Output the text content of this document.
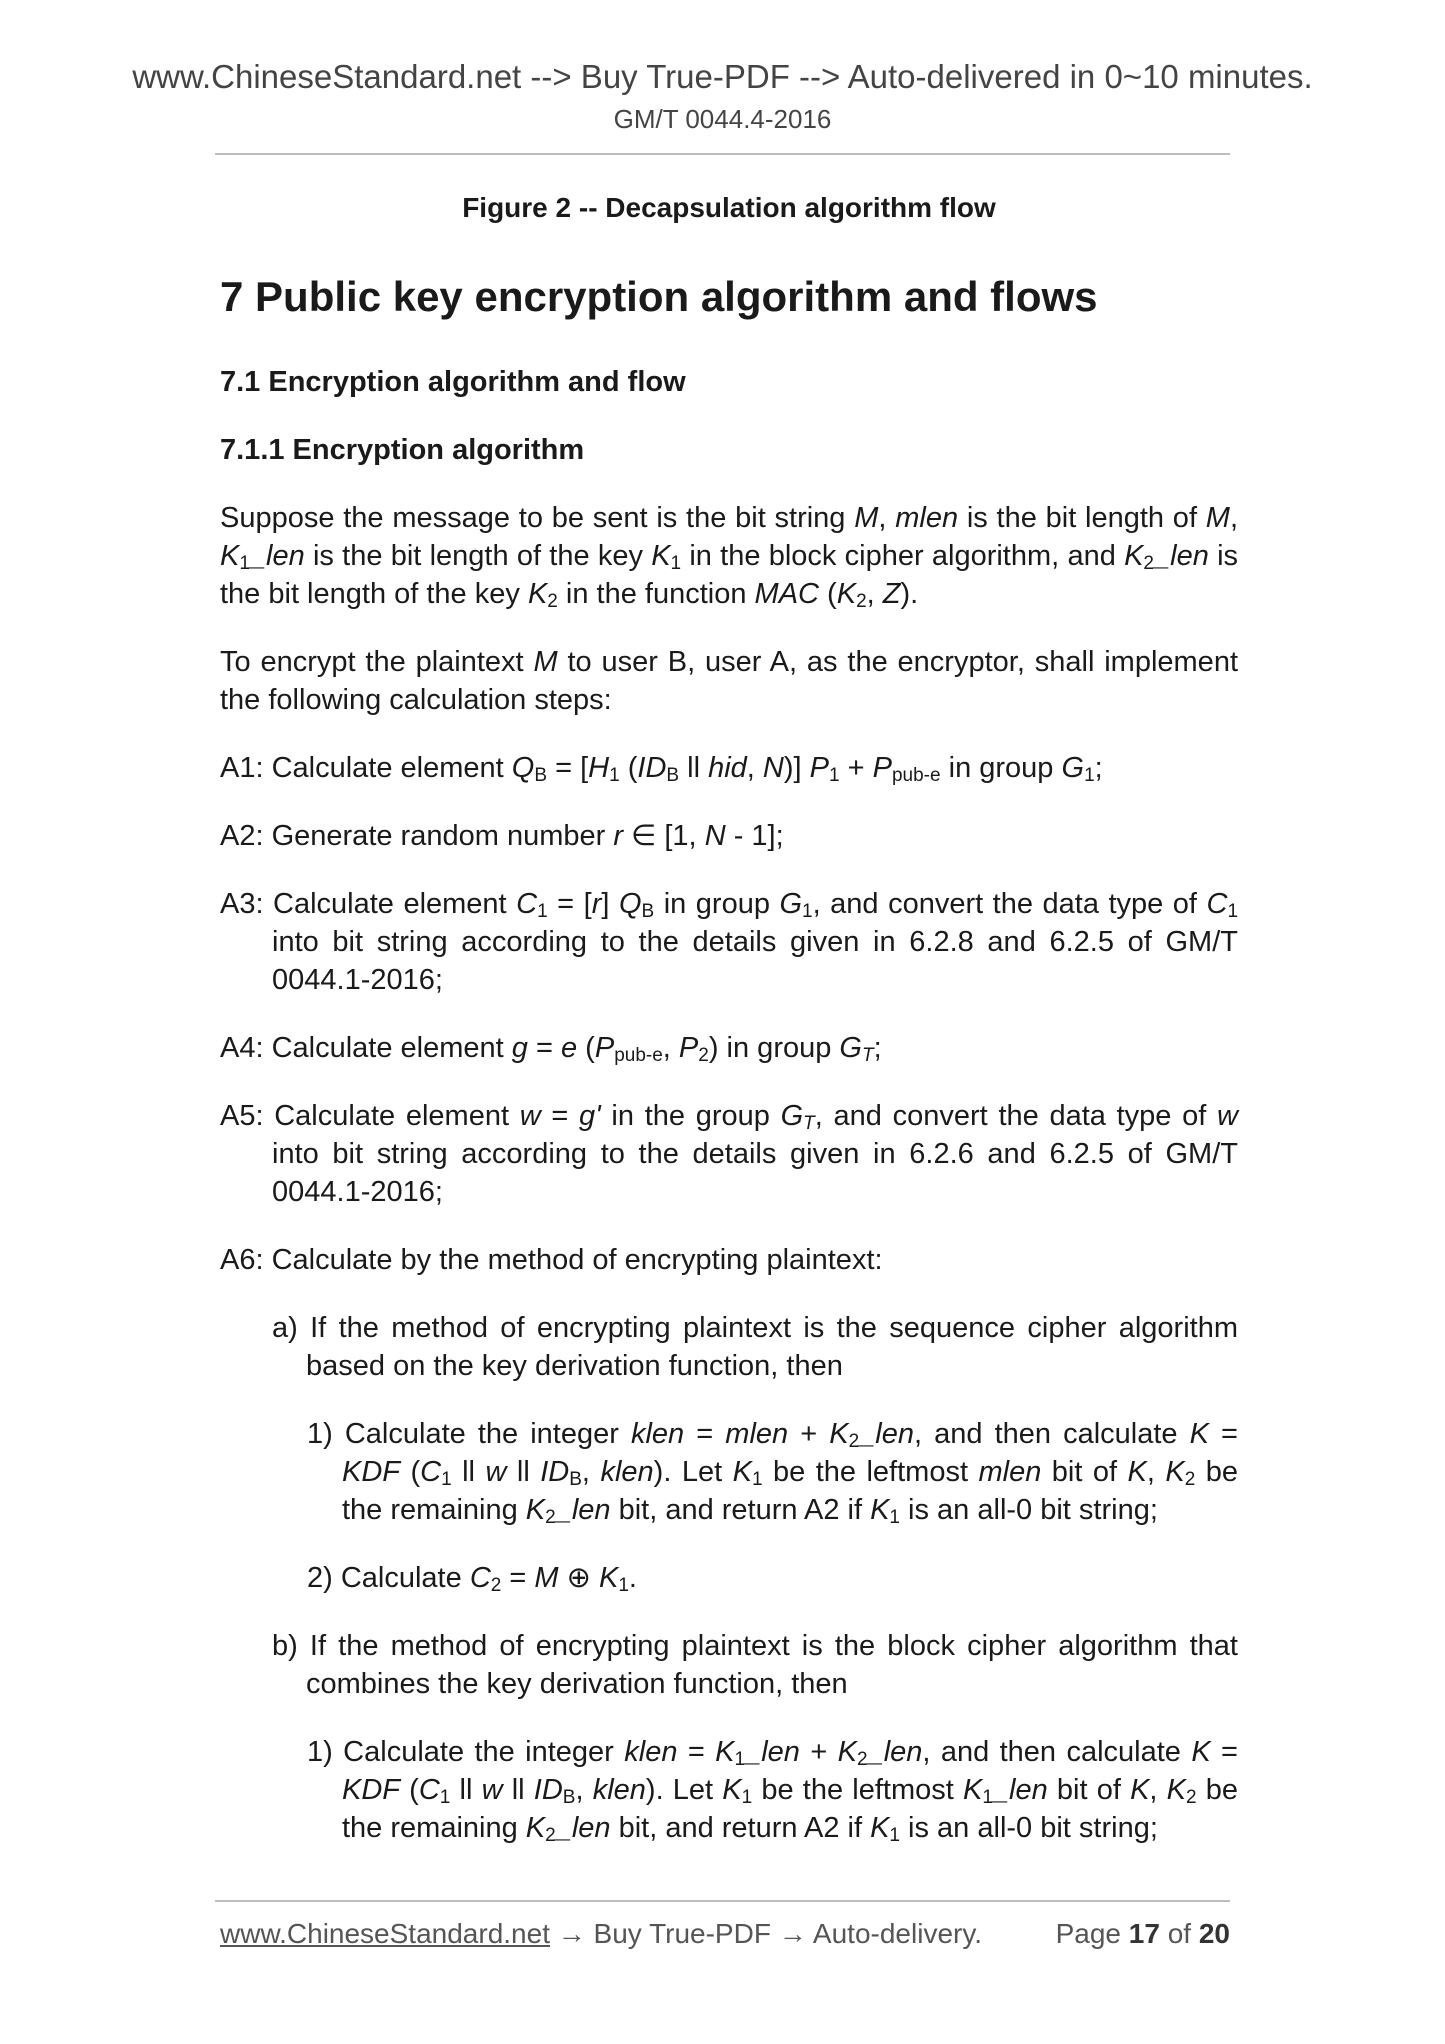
www.ChineseStandard.net --> Buy True-PDF --> Auto-delivered in 0~10 minutes.
GM/T 0044.4-2016
Figure 2 -- Decapsulation algorithm flow
7 Public key encryption algorithm and flows
7.1 Encryption algorithm and flow
7.1.1 Encryption algorithm

Suppose the message to be sent is the bit string M, mlen is the bit length of M, $K_1\_len$ is the bit length of the key $K_1$ in the block cipher algorithm, and $K_2\_len$ is the bit length of the key $K_2$ in the function MAC ($K_2$, Z).

To encrypt the plaintext M to user B, user A, as the encryptor, shall implement the following calculation steps:

A1: Calculate element $Q_B = [H_1$ ($ID_B$ ll hid, N)] $P_1 + P_{pub-e}$ in group $G_1$;

A2: Generate random number r ∈ [1, N - 1];

A3: Calculate element $C_1 = [r]$ $Q_B$ in group $G_1$, and convert the data type of $C_1$ into bit string according to the details given in 6.2.8 and 6.2.5 of GM/T 0044.1-2016;

A4: Calculate element g = e ($P_{pub-e}$, $P_2$) in group $G_T$;

A5: Calculate element w = g' in the group $G_T$, and convert the data type of w into bit string according to the details given in 6.2.6 and 6.2.5 of GM/T 0044.1-2016;

A6: Calculate by the method of encrypting plaintext:

a) If the method of encrypting plaintext is the sequence cipher algorithm based on the key derivation function, then

1) Calculate the integer klen = mlen + $K_2\_len$, and then calculate K = KDF ($C_1$ ll w ll $ID_B$, klen). Let $K_1$ be the leftmost mlen bit of K, $K_2$ be the remaining $K_2\_len$ bit, and return A2 if $K_1$ is an all-0 bit string;

2) Calculate $C_2 = M$ ⊕ $K_1$.

b) If the method of encrypting plaintext is the block cipher algorithm that combines the key derivation function, then

1) Calculate the integer klen = $K_1\_len$ + $K_2\_len$, and then calculate K = KDF ($C_1$ ll w ll $ID_B$, klen). Let $K_1$ be the leftmost $K_1\_len$ bit of K, $K_2$ be the remaining $K_2\_len$ bit, and return A2 if $K_1$ is an all-0 bit string;

www.ChineseStandard.net → Buy True-PDF → Auto-delivery.	Page 17 of 20
